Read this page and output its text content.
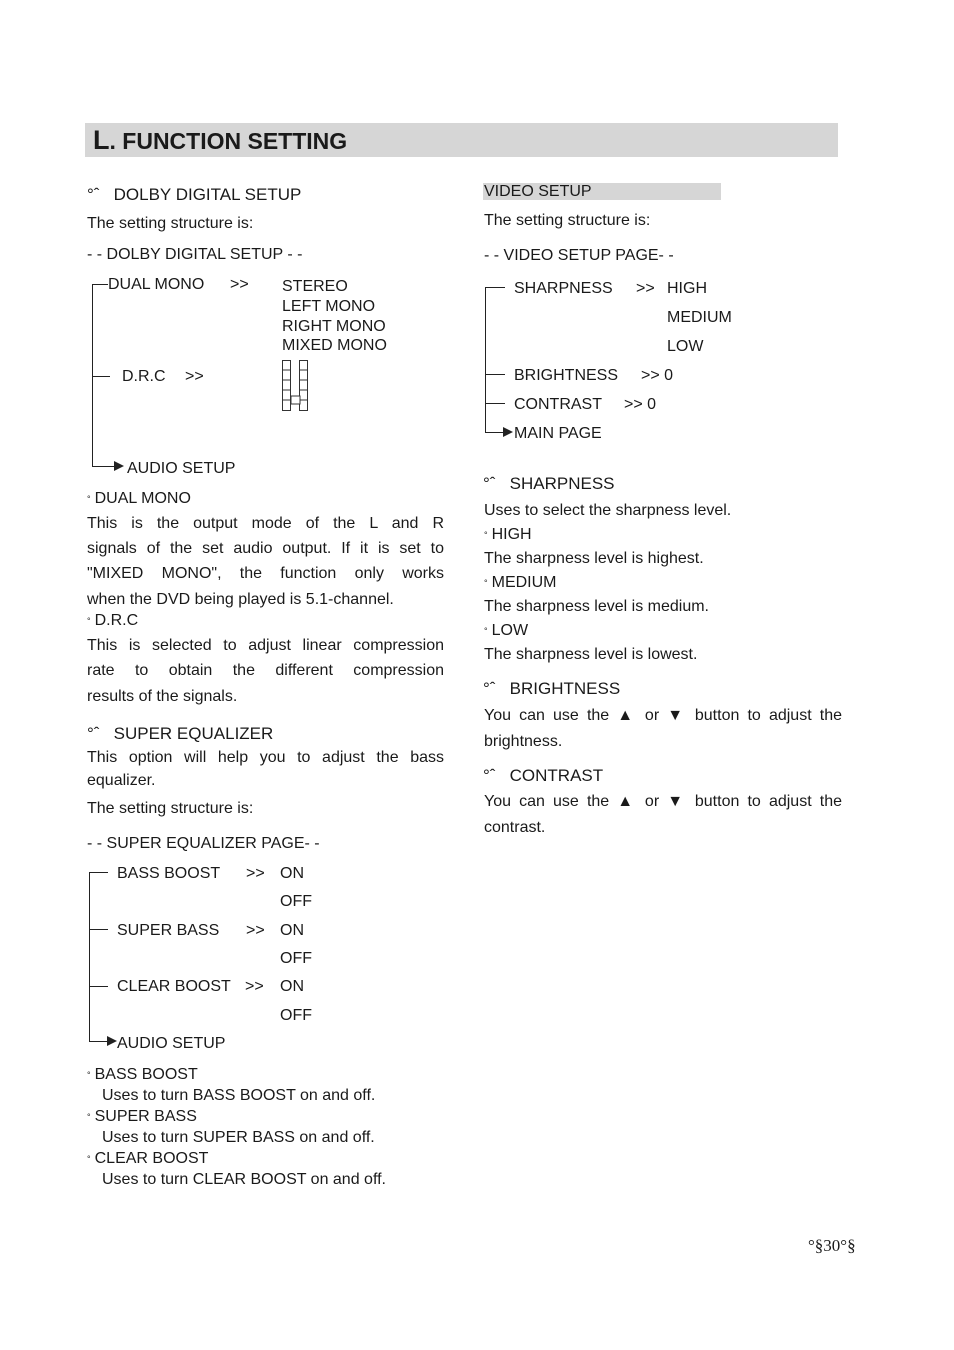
L. FUNCTION SETTING
°ˆ DOLBY DIGITAL SETUP
The setting structure is:
- - DOLBY DIGITAL SETUP - -
DUAL MONO >> STEREO
LEFT MONO
RIGHT MONO
MIXED MONO
D.R.C >>
AUDIO SETUP
° DUAL MONO
This is the output mode of the L and R
signals of the set audio output. If it is set to
"MIXED MONO", the function only works
when the DVD being played is 5.1-channel.
° D.R.C
This is selected to adjust linear compression
rate to obtain the different compression
results of the signals.
°ˆ SUPER EQUALIZER
This option will help you to adjust the bass
equalizer.
The setting structure is:
- - SUPER EQUALIZER PAGE- -
BASS BOOST >> ON
OFF
SUPER BASS >> ON
OFF
CLEAR BOOST >> ON
OFF
AUDIO SETUP
° BASS BOOST
Uses to turn BASS BOOST on and off.
° SUPER BASS
Uses to turn SUPER BASS on and off.
° CLEAR BOOST
Uses to turn CLEAR BOOST on and off.
VIDEO SETUP
The setting structure is:
- - VIDEO SETUP PAGE- -
SHARPNESS >> HIGH
MEDIUM
LOW
BRIGHTNESS >> 0
CONTRAST >> 0
MAIN PAGE
°ˆ SHARPNESS
Uses to select the sharpness level.
° HIGH
The sharpness level is highest.
° MEDIUM
The sharpness level is medium.
° LOW
The sharpness level is lowest.
°ˆ BRIGHTNESS
You can use the ▲ or ▼ button to adjust the
brightness.
°ˆ CONTRAST
You can use the ▲ or ▼ button to adjust the
contrast.
°§30°§
